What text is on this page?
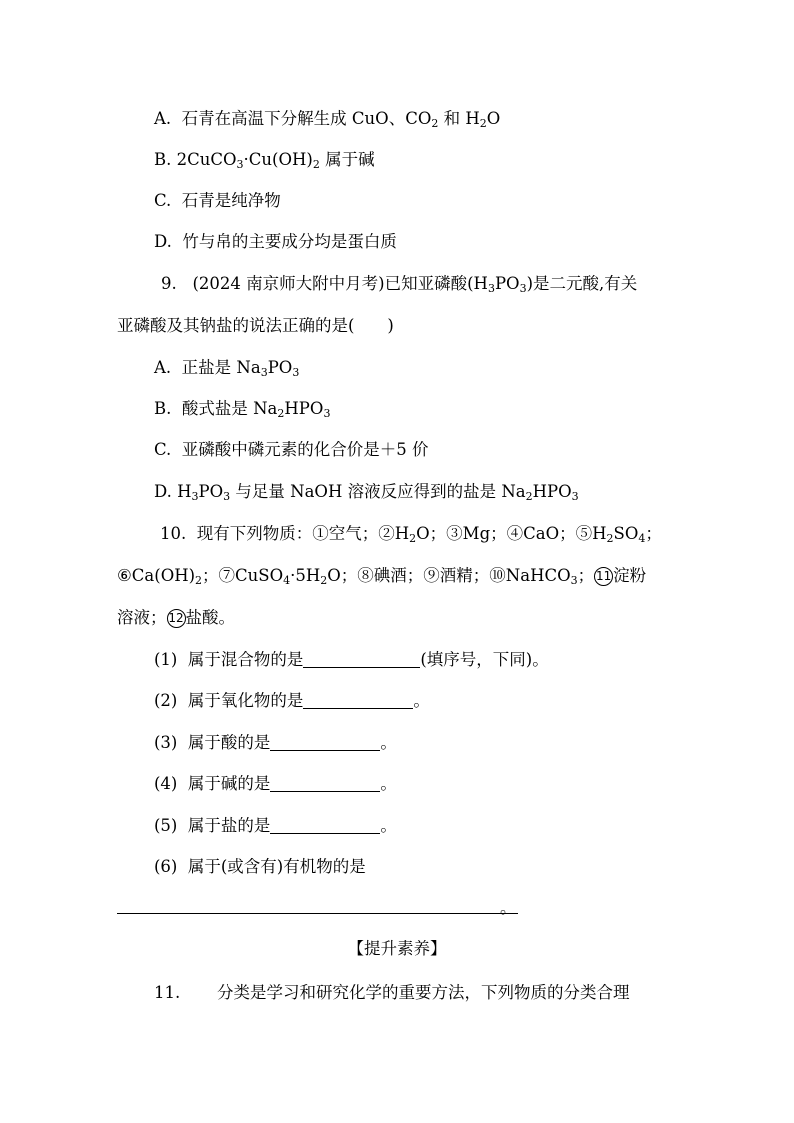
A. 石青在高温下分解生成 CuO、$CO_2$ 和 $H_2O$
B. $2CuCO_3\cdot Cu(OH)_2$ 属于碱
C. 石青是纯净物
D. 竹与帛的主要成分均是蛋白质
9. (2024 南京师大附中月考)已知亚磷酸$(H_3PO_3)$是二元酸,有关
亚磷酸及其钠盐的说法正确的是(　　)
A. 正盐是 $Na_3PO_3$
B. 酸式盐是 $Na_2HPO_3$
C. 亚磷酸中磷元素的化合价是＋5 价
D. $H_3PO_3$ 与足量 NaOH 溶液反应得到的盐是 $Na_2HPO_3$
10. 现有下列物质：①空气；$②H_2O$；③Mg；④CaO；$⑤H_2SO_4$；
$⑥Ca(OH)_2$；$⑦CuSO_4\cdot 5H_2O$；⑧碘酒；⑨酒精；⑩NaHCO$_3$； 11 淀粉
溶液； 12 盐酸。
(1) 属于混合物的是	(填序号，下同)。
(2) 属于氧化物的是	。
(3) 属于酸的是	。
(4) 属于碱的是	。
(5) 属于盐的是	。
(6) 属于(或含有)有机物的是
。
【提升素养】
11. 分类是学习和研究化学的重要方法，下列物质的分类合理
